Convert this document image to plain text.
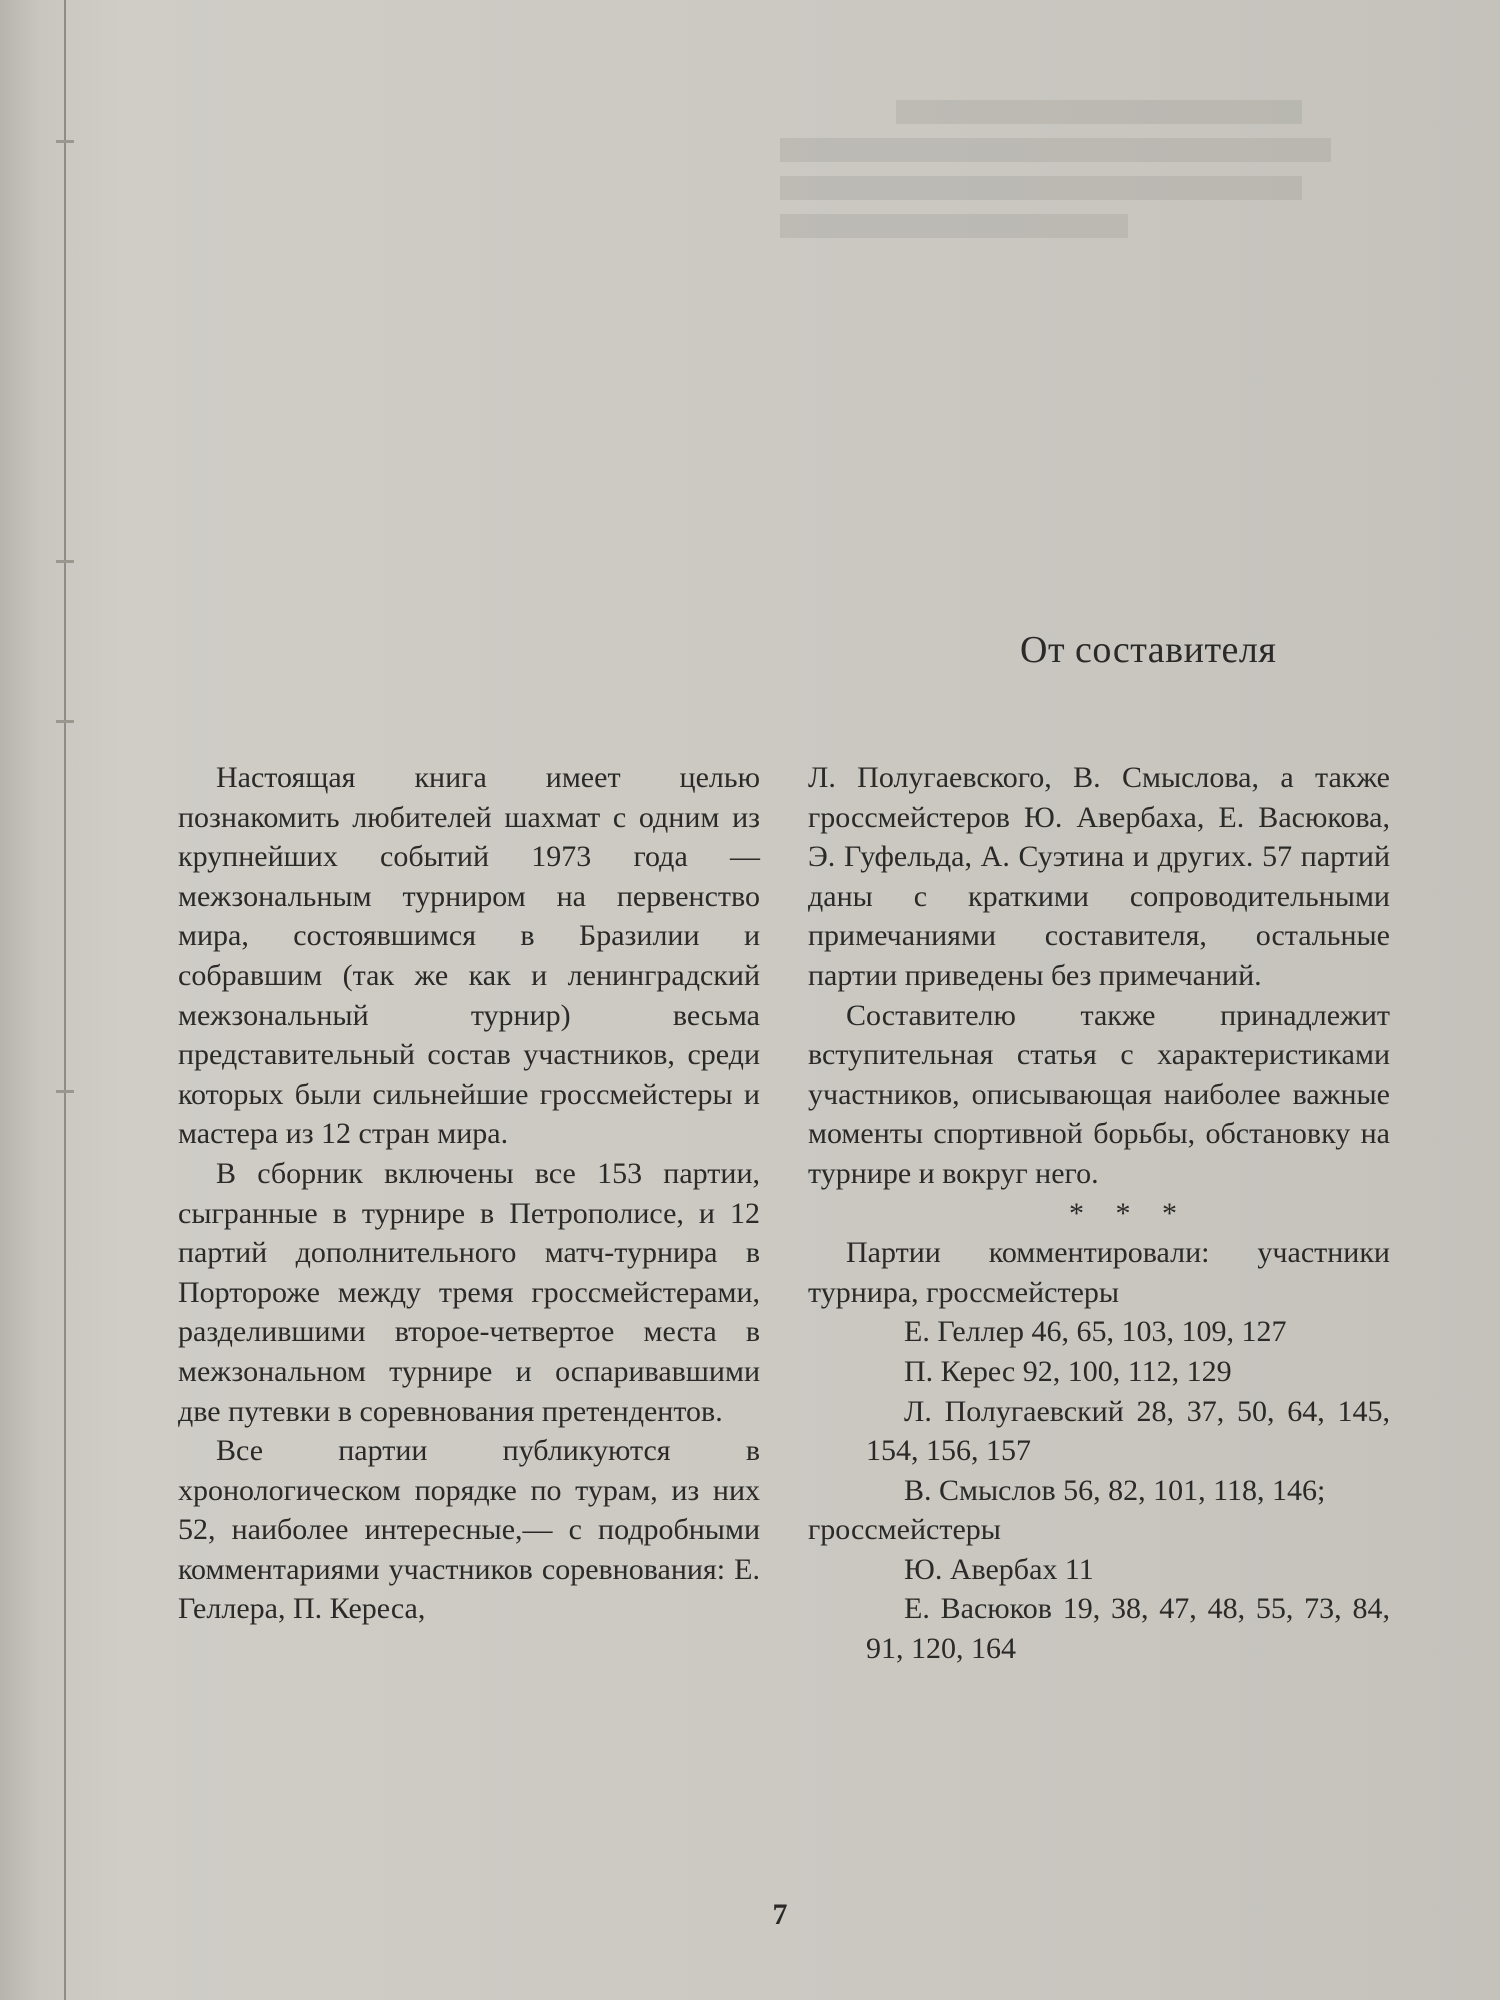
От составителя

Настоящая книга имеет целью познакомить любителей шахмат с одним из крупнейших событий 1973 года — межзональным турниром на первенство мира, состоявшимся в Бразилии и собравшим (так же как и ленинградский межзональный турнир) весьма представительный состав участников, среди которых были сильнейшие гроссмейстеры и мастера из 12 стран мира.

В сборник включены все 153 партии, сыгранные в турнире в Петрополисе, и 12 партий дополнительного матч-турнира в Портороже между тремя гроссмейстерами, разделившими второе-четвертое места в межзональном турнире и оспаривавшими две путевки в соревнования претендентов.

Все партии публикуются в хронологическом порядке по турам, из них 52, наиболее интересные,— с подробными комментариями участников соревнования: Е. Геллера, П. Кереса,

Л. Полугаевского, В. Смыслова, а также гроссмейстеров Ю. Авербаха, Е. Васюкова, Э. Гуфельда, А. Суэтина и других. 57 партий даны с краткими сопроводительными примечаниями составителя, остальные партии приведены без примечаний.

Составителю также принадлежит вступительная статья с характеристиками участников, описывающая наиболее важные моменты спортивной борьбы, обстановку на турнире и вокруг него.

* * *

Партии комментировали: участники турнира, гроссмейстеры

Е. Геллер 46, 65, 103, 109, 127

П. Керес 92, 100, 112, 129

Л. Полугаевский 28, 37, 50, 64, 145, 154, 156, 157

В. Смыслов 56, 82, 101, 118, 146;

гроссмейстеры

Ю. Авербах 11

Е. Васюков 19, 38, 47, 48, 55, 73, 84, 91, 120, 164

7
